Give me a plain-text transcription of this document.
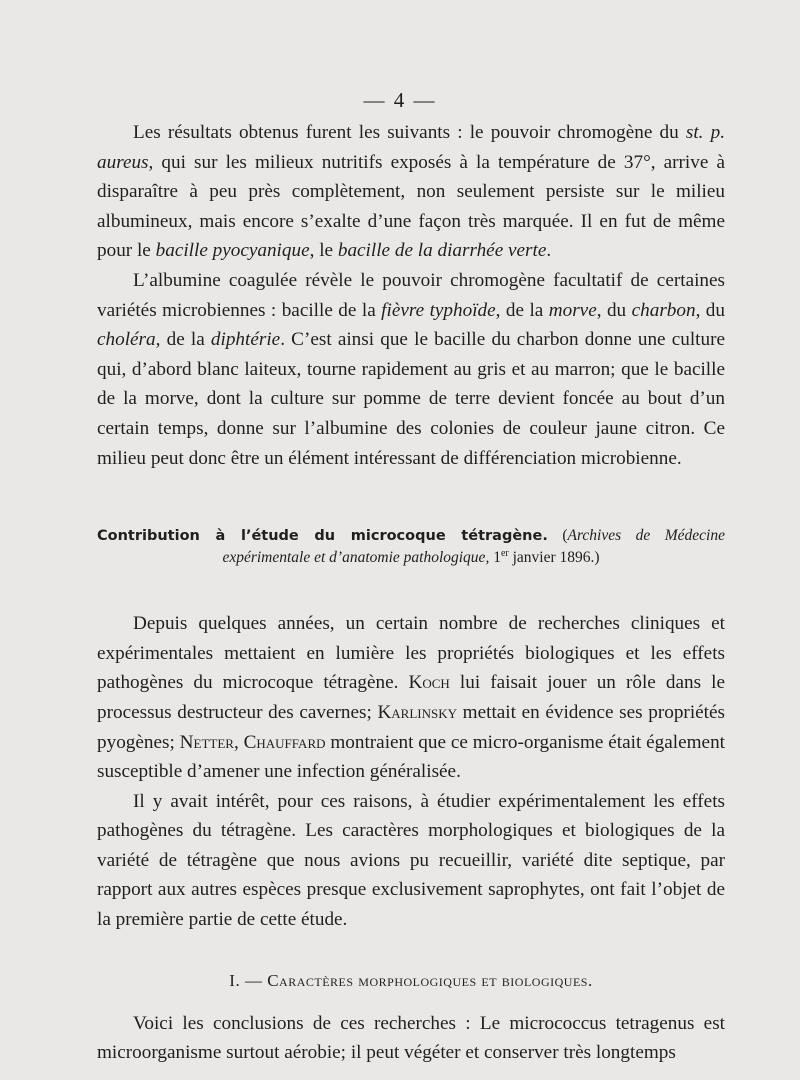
— 4 —

Les résultats obtenus furent les suivants : le pouvoir chromogène du st. p. aureus, qui sur les milieux nutritifs exposés à la température de 37°, arrive à disparaître à peu près complètement, non seulement persiste sur le milieu albumineux, mais encore s’exalte d’une façon très marquée. Il en fut de même pour le bacille pyocyanique, le bacille de la diarrhée verte.

L’albumine coagulée révèle le pouvoir chromogène facultatif de certaines variétés microbiennes : bacille de la fièvre typhoïde, de la morve, du charbon, du choléra, de la diphtérie. C’est ainsi que le bacille du charbon donne une culture qui, d’abord blanc laiteux, tourne rapidement au gris et au marron; que le bacille de la morve, dont la culture sur pomme de terre devient foncée au bout d’un certain temps, donne sur l’albumine des colonies de couleur jaune citron. Ce milieu peut donc être un élément intéressant de différenciation microbienne.

Contribution à l’étude du microcoque tétragène. (Archives de Médecine expérimentale et d’anatomie pathologique, 1er janvier 1896.)

Depuis quelques années, un certain nombre de recherches cliniques et expérimentales mettaient en lumière les propriétés biologiques et les effets pathogènes du microcoque tétragène. Koch lui faisait jouer un rôle dans le processus destructeur des cavernes; Karlinsky mettait en évidence ses propriétés pyogènes; Netter, Chauffard montraient que ce micro-organisme était également susceptible d’amener une infection généralisée.

Il y avait intérêt, pour ces raisons, à étudier expérimentalement les effets pathogènes du tétragène. Les caractères morphologiques et biologiques de la variété de tétragène que nous avions pu recueillir, variété dite septique, par rapport aux autres espèces presque exclusivement saprophytes, ont fait l’objet de la première partie de cette étude.

I. — Caractères morphologiques et biologiques.

Voici les conclusions de ces recherches : Le micrococcus tetragenus est microorganisme surtout aérobie; il peut végéter et conserver très longtemps
